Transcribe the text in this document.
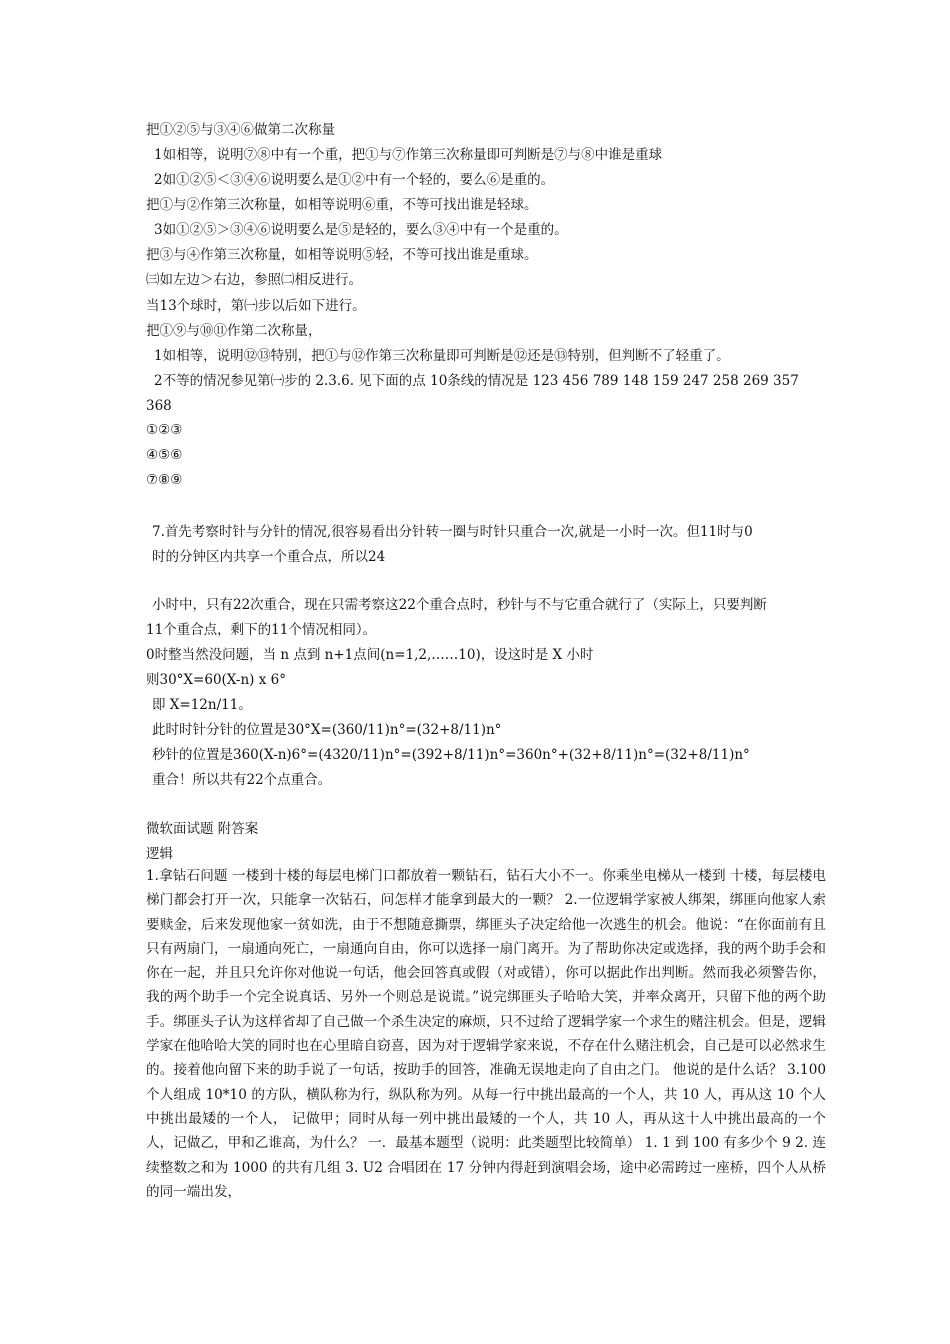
把①②⑤与③④⑥做第二次称量
1如相等，说明⑦⑧中有一个重，把①与⑦作第三次称量即可判断是⑦与⑧中谁是重球
2如①②⑤＜③④⑥说明要么是①②中有一个轻的，要么⑥是重的。
把①与②作第三次称量，如相等说明⑥重，不等可找出谁是轻球。
3如①②⑤＞③④⑥说明要么是⑤是轻的，要么③④中有一个是重的。
把③与④作第三次称量，如相等说明⑤轻，不等可找出谁是重球。
㈢如左边＞右边，参照㈡相反进行。
当13个球时，第㈠步以后如下进行。
把①⑨与⑩⑪作第二次称量，
1如相等，说明⑫⑬特别，把①与⑫作第三次称量即可判断是⑫还是⑬特别，但判断不了轻重了。
2不等的情况参见第㈠步的 2.3.6. 见下面的点 10条线的情况是 123 456 789 148 159 247 258 269 357
368
①②③
④⑤⑥
⑦⑧⑨
7.首先考察时针与分针的情况,很容易看出分针转一圈与时针只重合一次,就是一小时一次。但11时与0
时的分钟区内共享一个重合点，所以24
小时中，只有22次重合，现在只需考察这22个重合点时，秒针与不与它重合就行了（实际上，只要判断
11个重合点，剩下的11个情况相同）。
0时整当然没问题，当 n 点到 n+1点间(n=1,2,……10)，设这时是 X 小时
则30°X=60(X-n) x 6°
即 X=12n/11。
此时时针分针的位置是30°X=(360/11)n°=(32+8/11)n°
秒针的位置是360(X-n)6°=(4320/11)n°=(392+8/11)n°=360n°+(32+8/11)n°=(32+8/11)n°
重合！所以共有22个点重合。
微软面试题 附答案
逻辑
1.拿钻石问题 一楼到十楼的每层电梯门口都放着一颗钻石，钻石大小不一。你乘坐电梯从一楼到 十楼，每层楼电梯门都会打开一次，只能拿一次钻石，问怎样才能拿到最大的一颗？ 2.一位逻辑学家被人绑架，绑匪向他家人索要赎金，后来发现他家一贫如洗，由于不想随意撕票，绑匪头子决定给他一次逃生的机会。他说：“在你面前有且只有两扇门，一扇通向死亡，一扇通向自由，你可以选择一扇门离开。为了帮助你决定或选择，我的两个助手会和你在一起，并且只允许你对他说一句话，他会回答真或假（对或错），你可以据此作出判断。然而我必须警告你，我的两个助手一个完全说真话、另外一个则总是说谎。”说完绑匪头子哈哈大笑，并率众离开，只留下他的两个助手。绑匪头子认为这样省却了自己做一个杀生决定的麻烦，只不过给了逻辑学家一个求生的赌注机会。但是，逻辑学家在他哈哈大笑的同时也在心里暗自窃喜，因为对于逻辑学家来说，不存在什么赌注机会，自己是可以必然求生的。接着他向留下来的助手说了一句话，按助手的回答，准确无误地走向了自由之门。 他说的是什么话？ 3.100 个人组成 10*10 的方队，横队称为行，纵队称为列。从每一行中挑出最高的一个人，共 10 人，再从这 10 个人中挑出最矮的一个人， 记做甲；同时从每一列中挑出最矮的一个人，共 10 人，再从这十人中挑出最高的一个人，记做乙，甲和乙谁高，为什么？ 一．最基本题型（说明：此类题型比较简单） 1. 1 到 100 有多少个 9 2. 连续整数之和为 1000 的共有几组 3. U2 合唱团在 17 分钟内得赶到演唱会场，途中必需跨过一座桥，四个人从桥的同一端出发，
